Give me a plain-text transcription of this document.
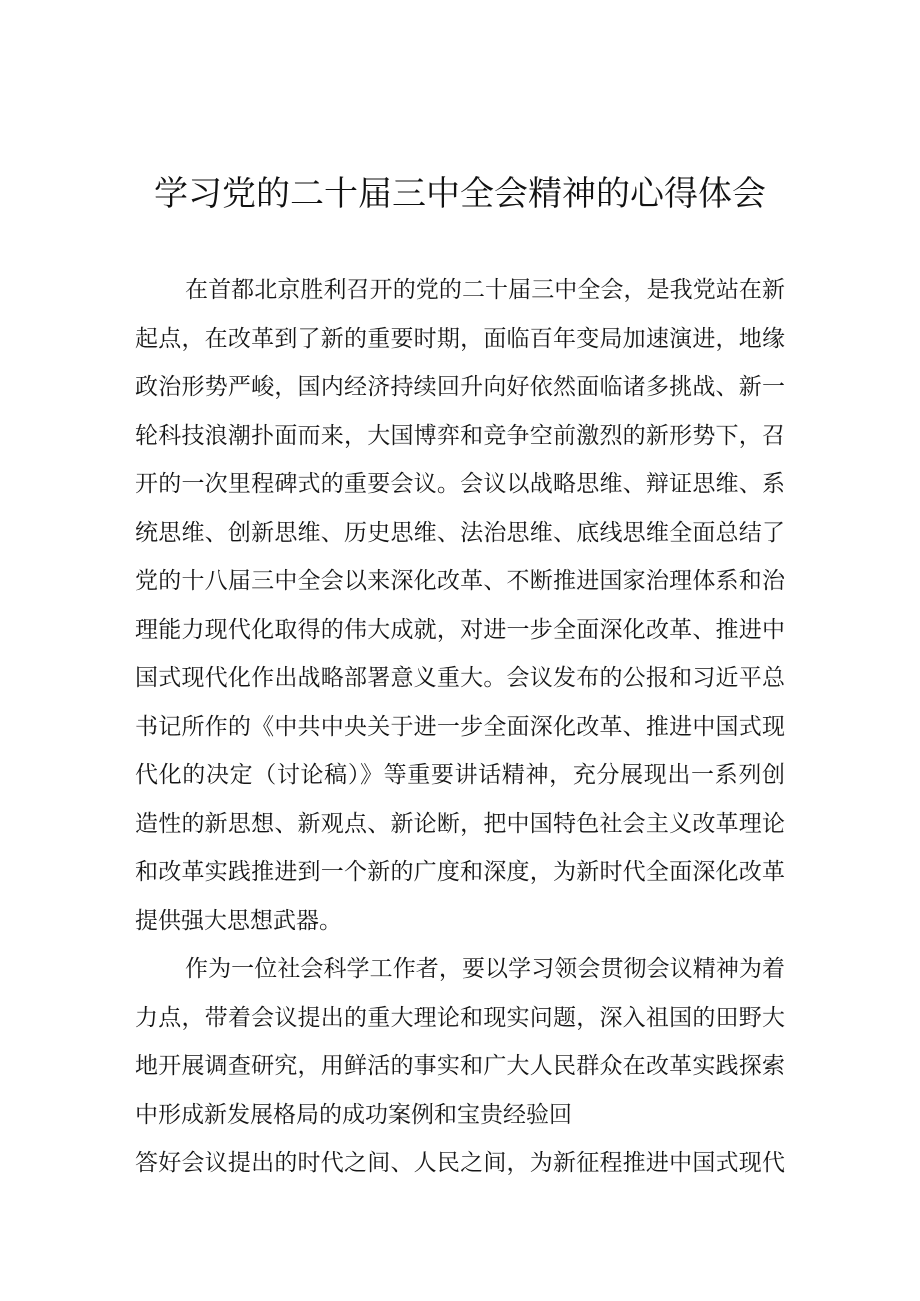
学习党的二十届三中全会精神的心得体会
在首都北京胜利召开的党的二十届三中全会，是我党站在新
起点，在改革到了新的重要时期，面临百年变局加速演进，地缘
政治形势严峻，国内经济持续回升向好依然面临诸多挑战、新一
轮科技浪潮扑面而来，大国博弈和竞争空前激烈的新形势下，召
开的一次里程碑式的重要会议。会议以战略思维、辩证思维、系
统思维、创新思维、历史思维、法治思维、底线思维全面总结了
党的十八届三中全会以来深化改革、不断推进国家治理体系和治
理能力现代化取得的伟大成就，对进一步全面深化改革、推进中
国式现代化作出战略部署意义重大。会议发布的公报和习近平总
书记所作的《中共中央关于进一步全面深化改革、推进中国式现
代化的决定（讨论稿）》等重要讲话精神，充分展现出一系列创
造性的新思想、新观点、新论断，把中国特色社会主义改革理论
和改革实践推进到一个新的广度和深度，为新时代全面深化改革
提供强大思想武器。
作为一位社会科学工作者，要以学习领会贯彻会议精神为着
力点，带着会议提出的重大理论和现实问题，深入祖国的田野大
地开展调查研究，用鲜活的事实和广大人民群众在改革实践探索
中形成新发展格局的成功案例和宝贵经验回
答好会议提出的时代之间、人民之间，为新征程推进中国式现代
